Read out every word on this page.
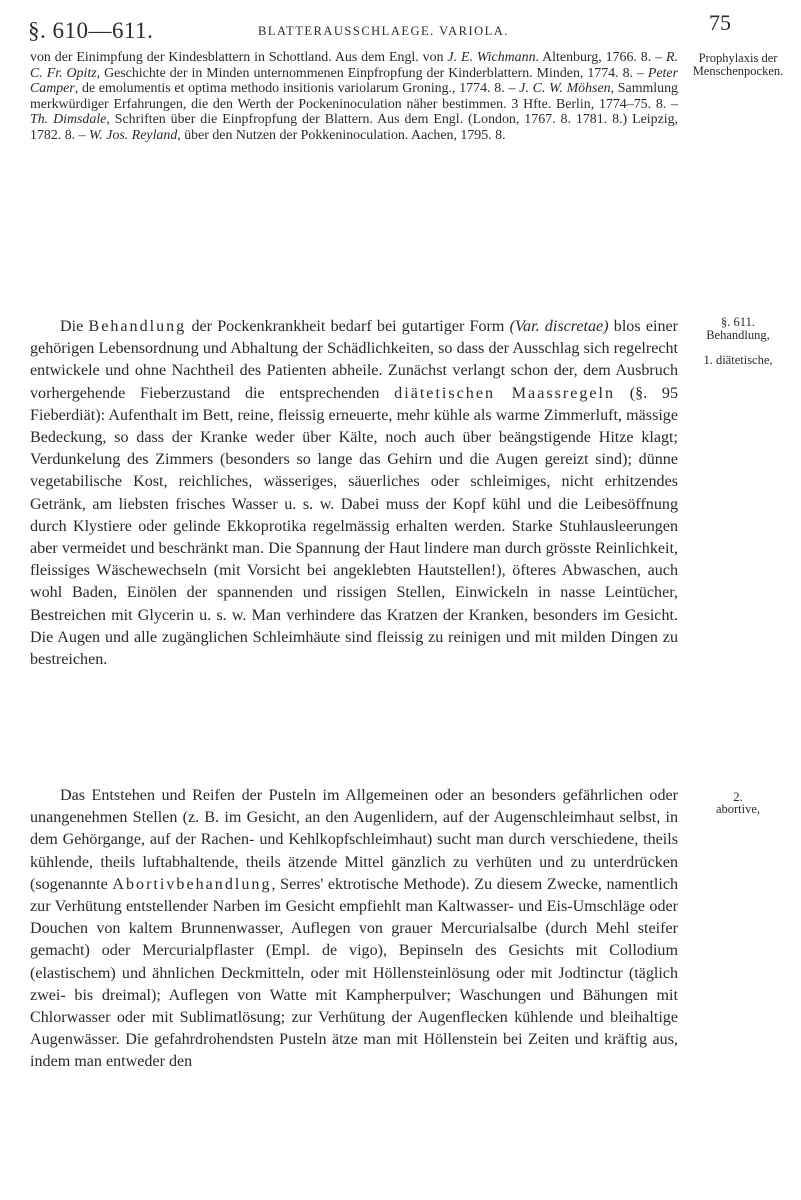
§. 610—611.	BLATTERAUSSCHLAEGE. VARIOLA.	75

von der Einimpfung der Kindesblattern in Schottland. Aus dem Engl. von J. E. Wichmann. Altenburg, 1766. 8. – R. C. Fr. Opitz, Geschichte der in Minden unternommenen Einpfropfung der Kinderblattern. Minden, 1774. 8. – Peter Camper, de emolumentis et optima methodo insitionis variolarum Groning., 1774. 8. – J. C. W. Möhsen, Sammlung merkwürdiger Erfahrungen, die den Werth der Pockeninoculation näher bestimmen. 3 Hfte. Berlin, 1774–75. 8. – Th. Dimsdale, Schriften über die Einpfropfung der Blattern. Aus dem Engl. (London, 1767. 8. 1781. 8.) Leipzig, 1782. 8. – W. Jos. Reyland, über den Nutzen der Pokkeninoculation. Aachen, 1795. 8.

Prophylaxis der Menschenpocken.

Die Behandlung der Pockenkrankheit bedarf bei gutartiger Form (Var. discretae) blos einer gehörigen Lebensordnung und Abhaltung der Schädlichkeiten, so dass der Ausschlag sich regelrecht entwickele und ohne Nachtheil des Patienten abheile. Zunächst verlangt schon der, dem Ausbruch vorhergehende Fieberzustand die entsprechenden diätetischen Maassregeln (§. 95 Fieberdiät): Aufenthalt im Bett, reine, fleissig erneuerte, mehr kühle als warme Zimmerluft, mässige Bedeckung, so dass der Kranke weder über Kälte, noch auch über beängstigende Hitze klagt; Verdunkelung des Zimmers (besonders so lange das Gehirn und die Augen gereizt sind); dünne vegetabilische Kost, reichliches, wässeriges, säuerliches oder schleimiges, nicht erhitzendes Getränk, am liebsten frisches Wasser u. s. w. Dabei muss der Kopf kühl und die Leibesöffnung durch Klystiere oder gelinde Ekkoprotika regelmässig erhalten werden. Starke Stuhlausleerungen aber vermeidet und beschränkt man. Die Spannung der Haut lindere man durch grösste Reinlichkeit, fleissiges Wäschewechseln (mit Vorsicht bei angeklebten Hautstellen!), öfteres Abwaschen, auch wohl Baden, Einölen der spannenden und rissigen Stellen, Einwickeln in nasse Leintücher, Bestreichen mit Glycerin u. s. w. Man verhindere das Kratzen der Kranken, besonders im Gesicht. Die Augen und alle zugänglichen Schleimhäute sind fleissig zu reinigen und mit milden Dingen zu bestreichen.

§. 611.
Behandlung,
1. diätetische,

Das Entstehen und Reifen der Pusteln im Allgemeinen oder an besonders gefährlichen oder unangenehmen Stellen (z. B. im Gesicht, an den Augenlidern, auf der Augenschleimhaut selbst, in dem Gehörgange, auf der Rachen- und Kehlkopfschleimhaut) sucht man durch verschiedene, theils kühlende, theils luftabhaltende, theils ätzende Mittel gänzlich zu verhüten und zu unterdrücken (sogenannte Abortivbehandlung, Serres' ektrotische Methode). Zu diesem Zwecke, namentlich zur Verhütung entstellender Narben im Gesicht empfiehlt man Kaltwasser- und Eis-Umschläge oder Douchen von kaltem Brunnenwasser, Auflegen von grauer Mercurialsalbe (durch Mehl steifer gemacht) oder Mercurialpflaster (Empl. de vigo), Bepinseln des Gesichts mit Collodium (elastischem) und ähnlichen Deckmitteln, oder mit Höllensteinlösung oder mit Jodtinctur (täglich zwei- bis dreimal); Auflegen von Watte mit Kampherpulver; Waschungen und Bähungen mit Chlorwasser oder mit Sublimatlösung; zur Verhütung der Augenflecken kühlende und bleihaltige Augenwässer. Die gefahrdrohendsten Pusteln ätze man mit Höllenstein bei Zeiten und kräftig aus, indem man entweder den

2.
abortive,
